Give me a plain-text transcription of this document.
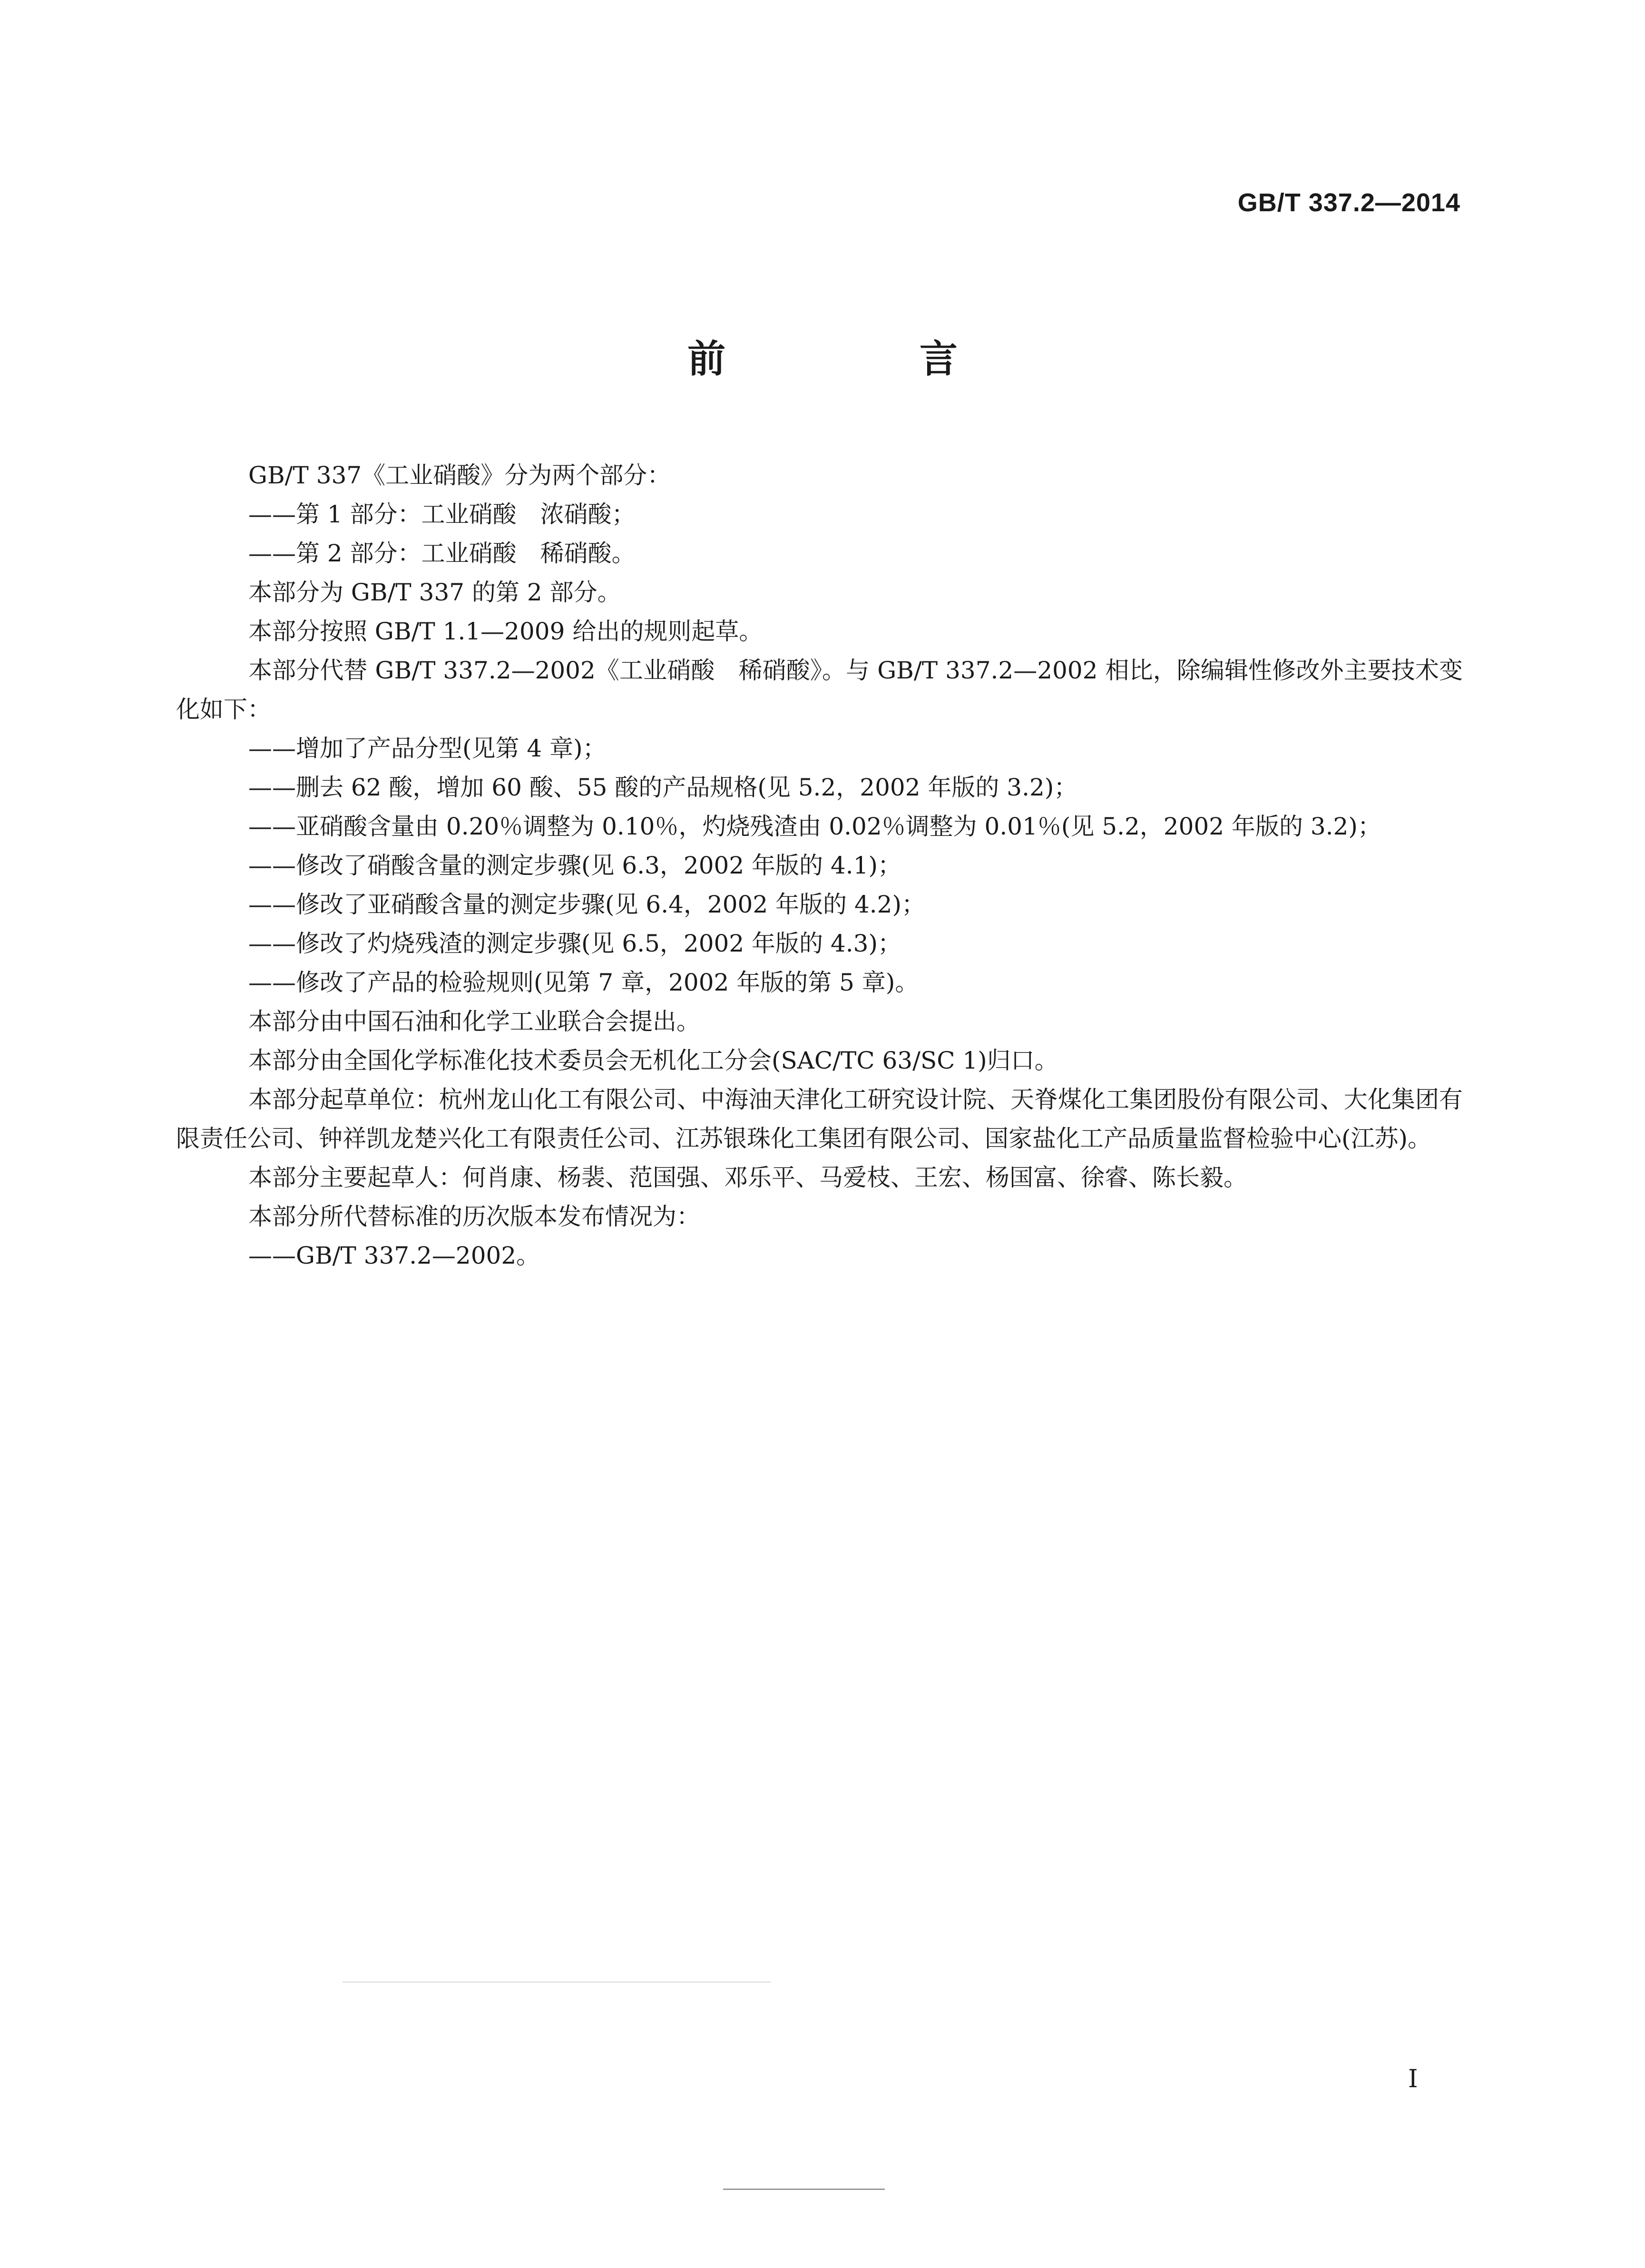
GB/T 337.2—2014
前 言

GB/T 337《工业硝酸》分为两个部分：

——第 1 部分：工业硝酸　浓硝酸；

——第 2 部分：工业硝酸　稀硝酸。

本部分为 GB/T 337 的第 2 部分。

本部分按照 GB/T 1.1—2009 给出的规则起草。

本部分代替 GB/T 337.2—2002《工业硝酸　稀硝酸》。与 GB/T 337.2—2002 相比，除编辑性修改外主要技术变化如下：

——增加了产品分型(见第 4 章)；

——删去 62 酸，增加 60 酸、55 酸的产品规格(见 5.2，2002 年版的 3.2)；

——亚硝酸含量由 0.20％调整为 0.10％，灼烧残渣由 0.02％调整为 0.01％(见 5.2，2002 年版的 3.2)；

——修改了硝酸含量的测定步骤(见 6.3，2002 年版的 4.1)；

——修改了亚硝酸含量的测定步骤(见 6.4，2002 年版的 4.2)；

——修改了灼烧残渣的测定步骤(见 6.5，2002 年版的 4.3)；

——修改了产品的检验规则(见第 7 章，2002 年版的第 5 章)。

本部分由中国石油和化学工业联合会提出。

本部分由全国化学标准化技术委员会无机化工分会(SAC/TC 63/SC 1)归口。

本部分起草单位：杭州龙山化工有限公司、中海油天津化工研究设计院、天脊煤化工集团股份有限公司、大化集团有限责任公司、钟祥凯龙楚兴化工有限责任公司、江苏银珠化工集团有限公司、国家盐化工产品质量监督检验中心(江苏)。

本部分主要起草人：何肖康、杨裴、范国强、邓乐平、马爱枝、王宏、杨国富、徐睿、陈长毅。

本部分所代替标准的历次版本发布情况为：

——GB/T 337.2—2002。

I
